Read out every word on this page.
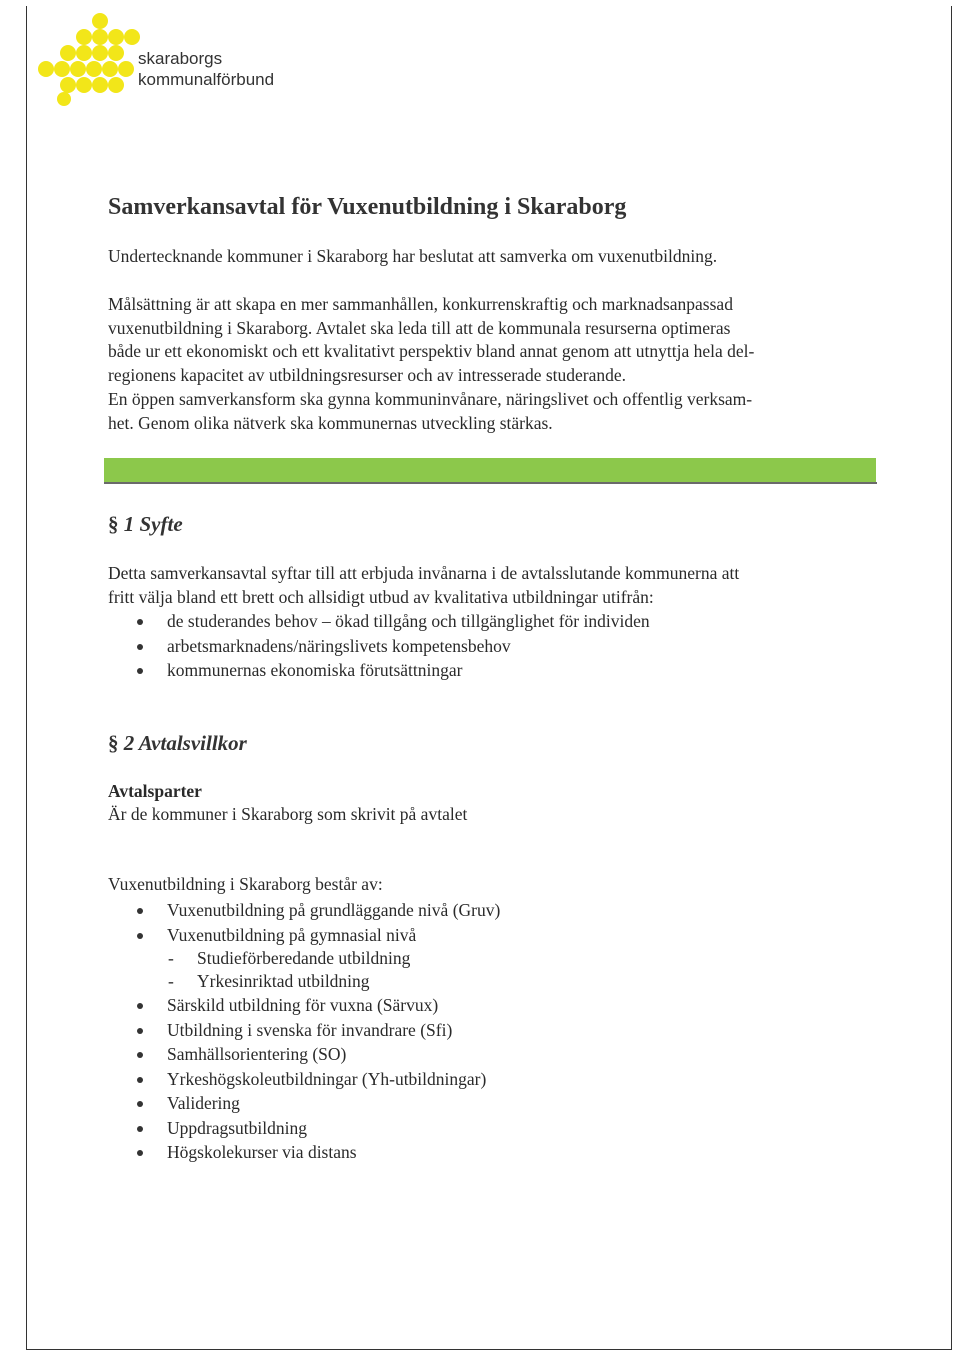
skaraborgs
kommunalförbund
Samverkansavtal för Vuxenutbildning i Skaraborg

Undertecknande kommuner i Skaraborg har beslutat att samverka om vuxenutbildning.

Målsättning är att skapa en mer sammanhållen, konkurrenskraftig och marknadsanpassad
vuxenutbildning i Skaraborg. Avtalet ska leda till att de kommunala resurserna optimeras
både ur ett ekonomiskt och ett kvalitativt perspektiv bland annat genom att utnyttja hela del-
regionens kapacitet av utbildningsresurser och av intresserade studerande.
En öppen samverkansform ska gynna kommuninvånare, näringslivet och offentlig verksam-
het. Genom olika nätverk ska kommunernas utveckling stärkas.
§ 1 Syfte
Detta samverkansavtal syftar till att erbjuda invånarna i de avtalsslutande kommunerna att
fritt välja bland ett brett och allsidigt utbud av kvalitativa utbildningar utifrån:
de studerandes behov – ökad tillgång och tillgänglighet för individen
arbetsmarknadens/näringslivets kompetensbehov
kommunernas ekonomiska förutsättningar
§ 2 Avtalsvillkor

Avtalsparter

Är de kommuner i Skaraborg som skrivit på avtalet

Vuxenutbildning i Skaraborg består av:

Vuxenutbildning på grundläggande nivå (Gruv)
Vuxenutbildning på gymnasial nivå
- Studieförberedande utbildning
- Yrkesinriktad utbildning
Särskild utbildning för vuxna (Särvux)
Utbildning i svenska för invandrare (Sfi)
Samhällsorientering (SO)
Yrkeshögskoleutbildningar (Yh-utbildningar)
Validering
Uppdragsutbildning
Högskolekurser via distans
